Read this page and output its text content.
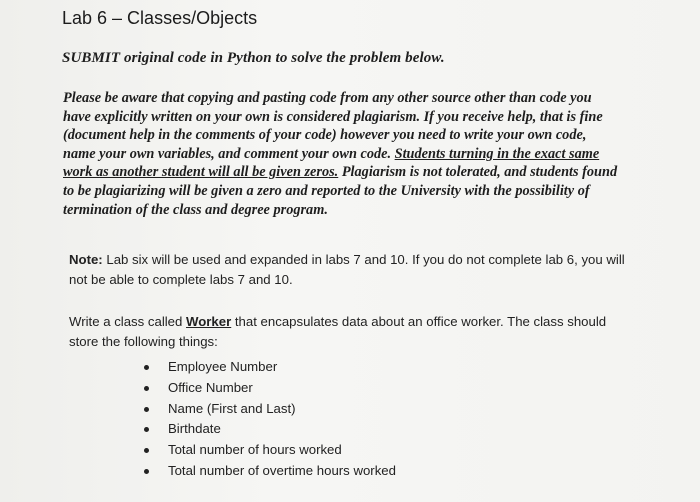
Lab 6 – Classes/Objects
SUBMIT original code in Python to solve the problem below.
Please be aware that copying and pasting code from any other source other than code you
have explicitly written on your own is considered plagiarism. If you receive help, that is fine
(document help in the comments of your code) however you need to write your own code,
name your own variables, and comment your own code. Students turning in the exact same
work as another student will all be given zeros. Plagiarism is not tolerated, and students found
to be plagiarizing will be given a zero and reported to the University with the possibility of
termination of the class and degree program.
Note: Lab six will be used and expanded in labs 7 and 10. If you do not complete lab 6, you will
not be able to complete labs 7 and 10.
Write a class called Worker that encapsulates data about an office worker. The class should
store the following things:
Employee Number
Office Number
Name (First and Last)
Birthdate
Total number of hours worked
Total number of overtime hours worked
